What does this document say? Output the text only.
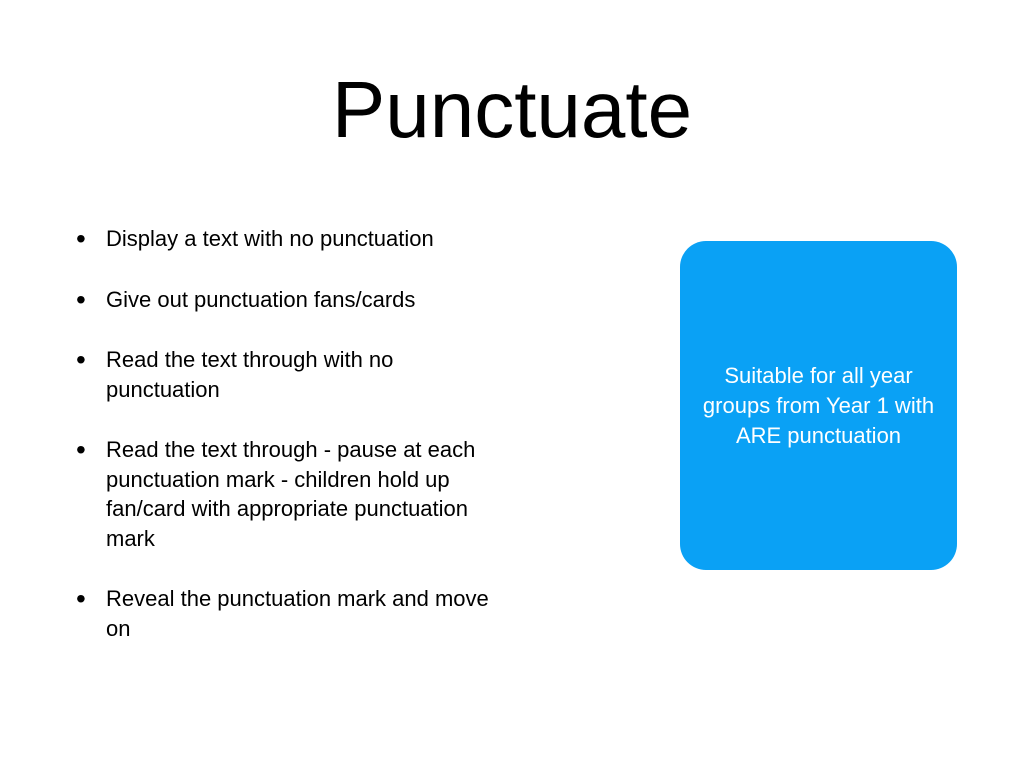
Punctuate
• Display a text with no punctuation
• Give out punctuation fans/cards
• Read the text through with no punctuation
• Read the text through - pause at each punctuation mark - children hold up fan/card with appropriate punctuation mark
• Reveal the punctuation mark and move on
Suitable for all year groups from Year 1 with ARE punctuation
